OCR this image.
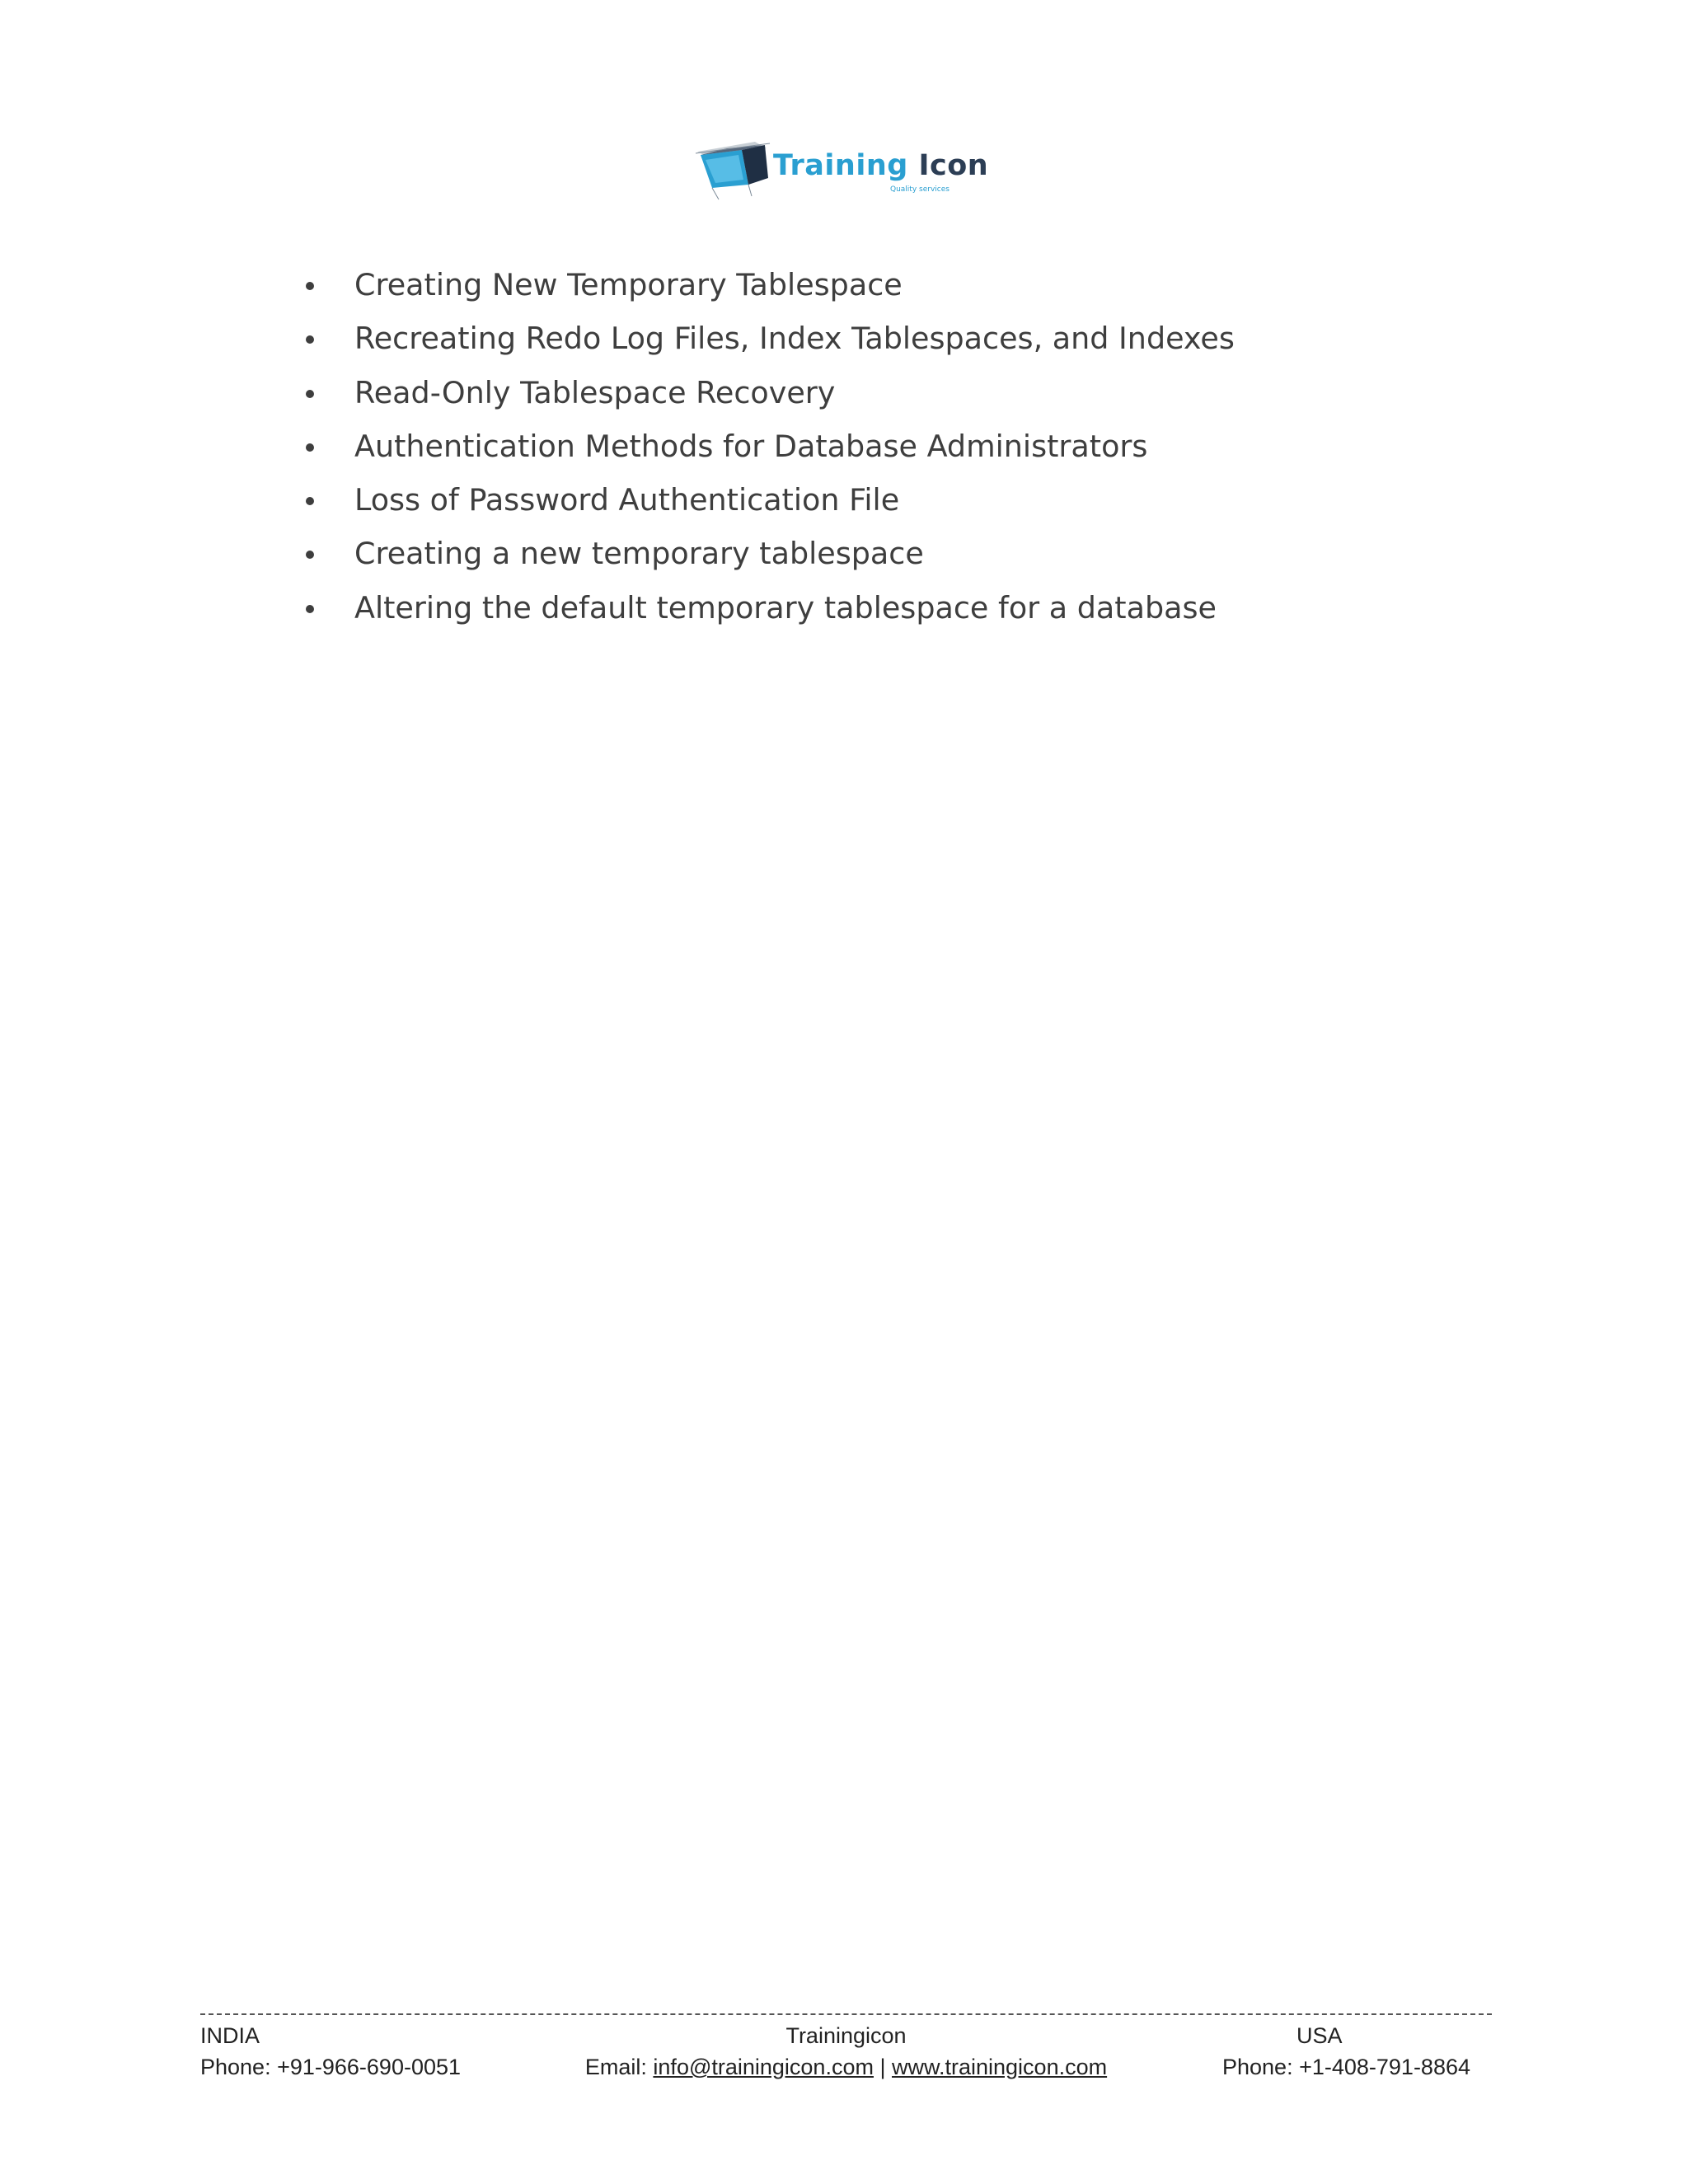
Training Icon
Quality services
Creating New Temporary Tablespace
Recreating Redo Log Files, Index Tablespaces, and Indexes
Read-Only Tablespace Recovery
Authentication Methods for Database Administrators
Loss of Password Authentication File
Creating a new temporary tablespace
Altering the default temporary tablespace for a database
INDIA	Trainingicon	USA
Phone: +91-966-690-0051	Email: info@trainingicon.com | www.trainingicon.com	Phone: +1-408-791-8864
